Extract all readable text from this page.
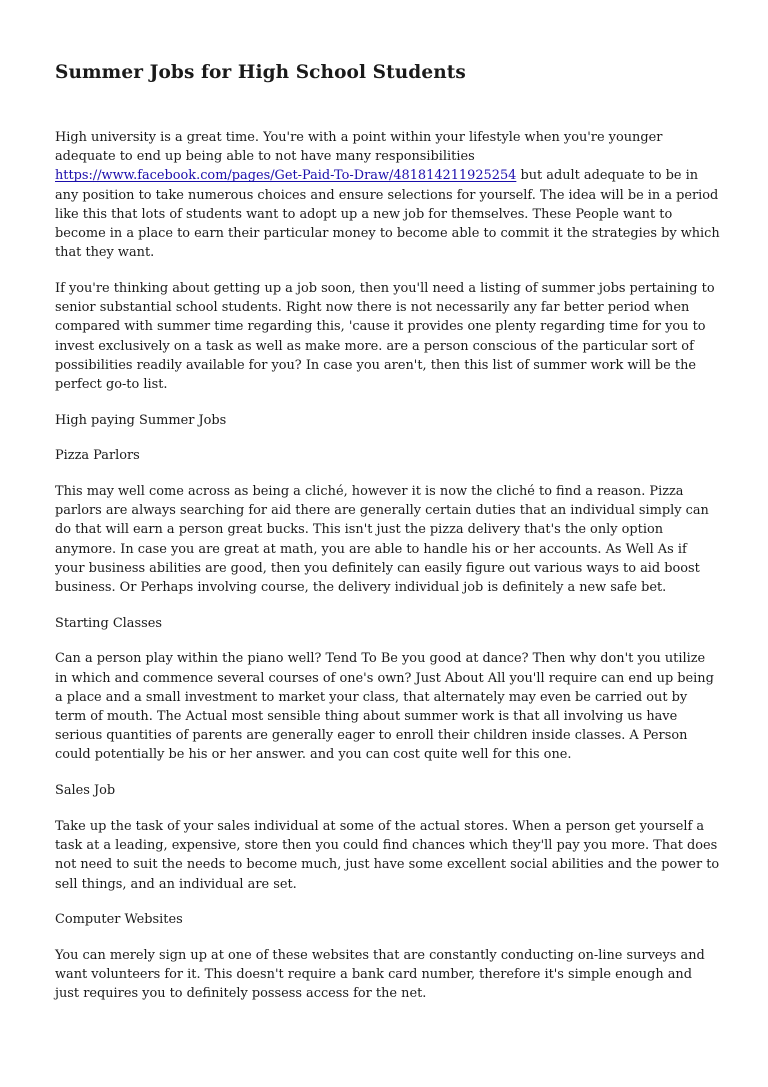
Summer Jobs for High School Students

High university is a great time. You're with a point within your lifestyle when you're younger adequate to end up being able to not have many responsibilities https://www.facebook.com/pages/Get-Paid-To-Draw/481814211925254 but adult adequate to be in any position to take numerous choices and ensure selections for yourself. The idea will be in a period like this that lots of students want to adopt up a new job for themselves. These People want to become in a place to earn their particular money to become able to commit it the strategies by which that they want.

If you're thinking about getting up a job soon, then you'll need a listing of summer jobs pertaining to senior substantial school students. Right now there is not necessarily any far better period when compared with summer time regarding this, 'cause it provides one plenty regarding time for you to invest exclusively on a task as well as make more. are a person conscious of the particular sort of possibilities readily available for you? In case you aren't, then this list of summer work will be the perfect go-to list.

High paying Summer Jobs

Pizza Parlors

This may well come across as being a cliché, however it is now the cliché to find a reason. Pizza parlors are always searching for aid there are generally certain duties that an individual simply can do that will earn a person great bucks. This isn't just the pizza delivery that's the only option anymore. In case you are great at math, you are able to handle his or her accounts. As Well As if your business abilities are good, then you definitely can easily figure out various ways to aid boost business. Or Perhaps involving course, the delivery individual job is definitely a new safe bet.

Starting Classes

Can a person play within the piano well? Tend To Be you good at dance? Then why don't you utilize in which and commence several courses of one's own? Just About All you'll require can end up being a place and a small investment to market your class, that alternately may even be carried out by term of mouth. The Actual most sensible thing about summer work is that all involving us have serious quantities of parents are generally eager to enroll their children inside classes. A Person could potentially be his or her answer. and you can cost quite well for this one.

Sales Job

Take up the task of your sales individual at some of the actual stores. When a person get yourself a task at a leading, expensive, store then you could find chances which they'll pay you more. That does not need to suit the needs to become much, just have some excellent social abilities and the power to sell things, and an individual are set.

Computer Websites

You can merely sign up at one of these websites that are constantly conducting on-line surveys and want volunteers for it. This doesn't require a bank card number, therefore it's simple enough and just requires you to definitely possess access for the net.
